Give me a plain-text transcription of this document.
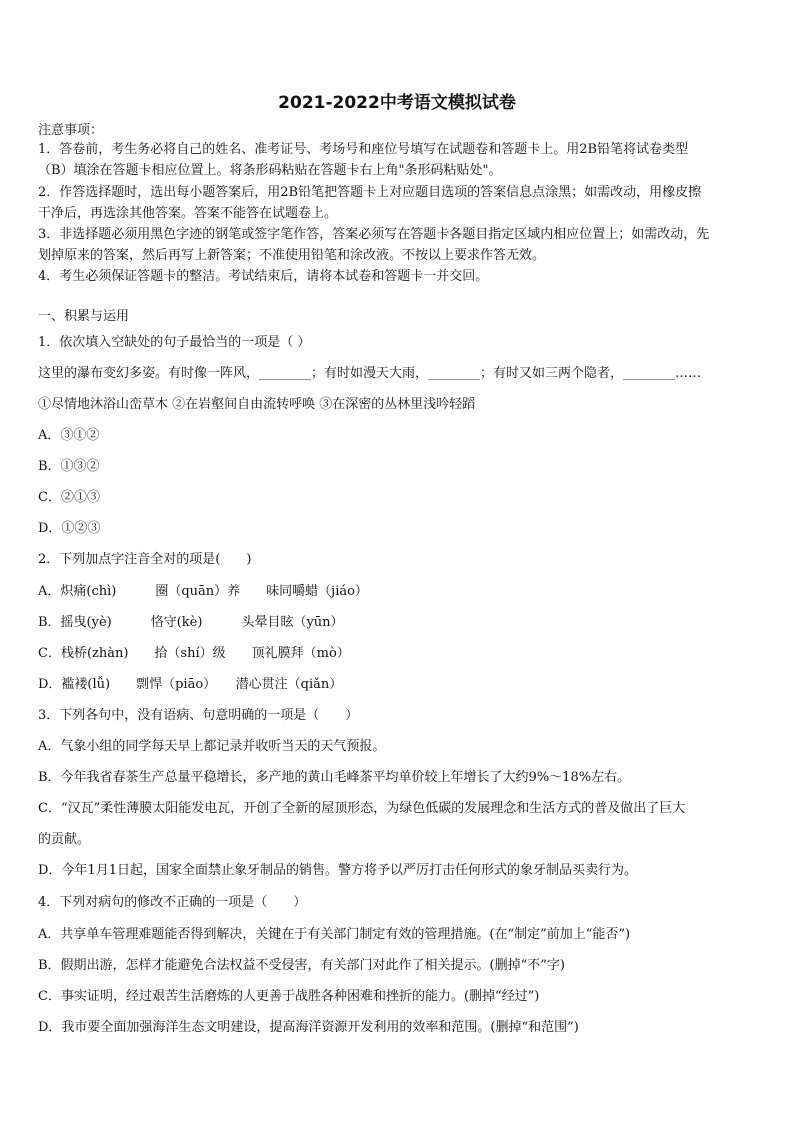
2021-2022中考语文模拟试卷
注意事项：
1．答卷前，考生务必将自己的姓名、准考证号、考场号和座位号填写在试题卷和答题卡上。用2B铅笔将试卷类型
（B）填涂在答题卡相应位置上。将条形码粘贴在答题卡右上角"条形码粘贴处"。
2．作答选择题时，选出每小题答案后，用2B铅笔把答题卡上对应题目选项的答案信息点涂黑；如需改动，用橡皮擦
干净后，再选涂其他答案。答案不能答在试题卷上。
3．非选择题必须用黑色字迹的钢笔或签字笔作答，答案必须写在答题卡各题目指定区域内相应位置上；如需改动，先
划掉原来的答案，然后再写上新答案；不准使用铅笔和涂改液。不按以上要求作答无效。
4．考生必须保证答题卡的整洁。考试结束后，请将本试卷和答题卡一并交回。
一、积累与运用
1．依次填入空缺处的句子最恰当的一项是（ ）
这里的瀑布变幻多姿。有时像一阵风，________；有时如漫天大雨，________；有时又如三两个隐者，________……
①尽情地沐浴山峦草木 ②在岩壑间自由流转呼唤 ③在深密的丛林里浅吟轻蹈
A．③①②
B．①③②
C．②①③
D．①②③
2．下列加点字注音全对的项是(　　)
A．炽痛(chì)　　　圈（quān）养　　味同嚼蜡（jiáo）
B．摇曳(yè)　　　恪守(kè)　　　头晕目眩（yūn）
C．栈桥(zhàn)　　拾（shí）级　　顶礼膜拜（mò）
D．褴褛(lǚ)　　剽悍（piāo）　　潜心贯注（qiǎn）
3．下列各句中，没有语病、句意明确的一项是（　　）
A．气象小组的同学每天早上都记录并收听当天的天气预报。
B．今年我省春茶生产总量平稳增长，多产地的黄山毛峰茶平均单价较上年增长了大约9%～18%左右。
C．“汉瓦”柔性薄膜太阳能发电瓦，开创了全新的屋顶形态，为绿色低碳的发展理念和生活方式的普及做出了巨大
的贡献。
D．今年1月1日起，国家全面禁止象牙制品的销售。警方将予以严厉打击任何形式的象牙制品买卖行为。
4．下列对病句的修改不正确的一项是（　　）
A．共享单车管理难题能否得到解决，关键在于有关部门制定有效的管理措施。(在“制定”前加上“能否”)
B．假期出游，怎样才能避免合法权益不受侵害，有关部门对此作了相关提示。(删掉“不”字)
C．事实证明，经过艰苦生活磨炼的人更善于战胜各种困难和挫折的能力。(删掉“经过”)
D．我市要全面加强海洋生态文明建设，提高海洋资源开发利用的效率和范围。(删掉“和范围”)
